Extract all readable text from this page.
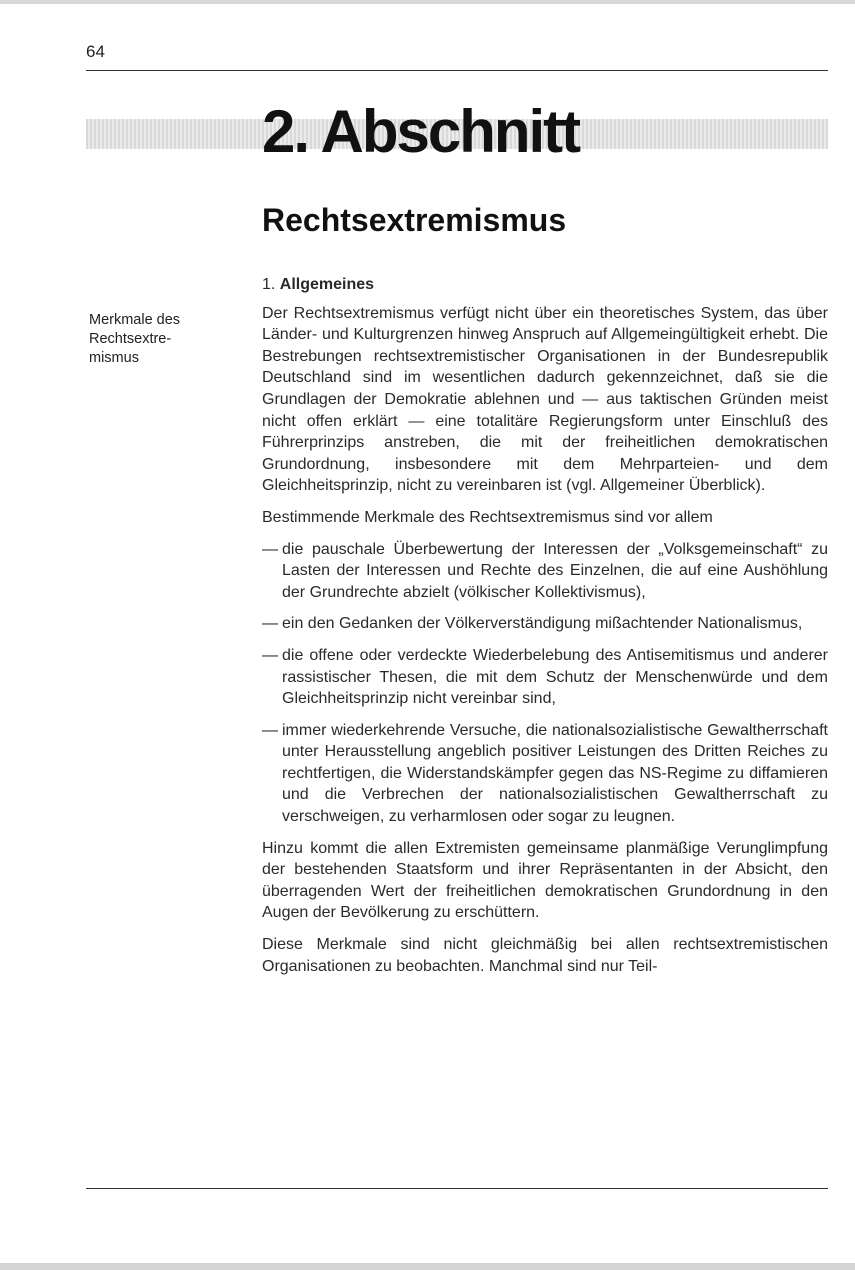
64
2. Abschnitt
Rechtsextremismus
Merkmale des Rechtsextre-mismus
1. Allgemeines

Der Rechtsextremismus verfügt nicht über ein theoretisches System, das über Länder- und Kulturgrenzen hinweg Anspruch auf Allgemeingültigkeit erhebt. Die Bestrebungen rechtsextremistischer Organisationen in der Bundesrepublik Deutschland sind im wesentlichen dadurch gekennzeichnet, daß sie die Grundlagen der Demokratie ablehnen und — aus taktischen Gründen meist nicht offen erklärt — eine totalitäre Regierungsform unter Einschluß des Führerprinzips anstreben, die mit der freiheitlichen demokratischen Grundordnung, insbesondere mit dem Mehrparteien- und dem Gleichheitsprinzip, nicht zu vereinbaren ist (vgl. Allgemeiner Überblick).

Bestimmende Merkmale des Rechtsextremismus sind vor allem

— die pauschale Überbewertung der Interessen der „Volksgemeinschaft“ zu Lasten der Interessen und Rechte des Einzelnen, die auf eine Aushöhlung der Grundrechte abzielt (völkischer Kollektivismus),
— ein den Gedanken der Völkerverständigung mißachtender Nationalismus,
— die offene oder verdeckte Wiederbelebung des Antisemitismus und anderer rassistischer Thesen, die mit dem Schutz der Menschenwürde und dem Gleichheitsprinzip nicht vereinbar sind,
— immer wiederkehrende Versuche, die nationalsozialistische Gewaltherrschaft unter Herausstellung angeblich positiver Leistungen des Dritten Reiches zu rechtfertigen, die Widerstandskämpfer gegen das NS-Regime zu diffamieren und die Verbrechen der nationalsozialistischen Gewaltherrschaft zu verschweigen, zu verharmlosen oder sogar zu leugnen.

Hinzu kommt die allen Extremisten gemeinsame planmäßige Verunglimpfung der bestehenden Staatsform und ihrer Repräsentanten in der Absicht, den überragenden Wert der freiheitlichen demokratischen Grundordnung in den Augen der Bevölkerung zu erschüttern.

Diese Merkmale sind nicht gleichmäßig bei allen rechtsextremistischen Organisationen zu beobachten. Manchmal sind nur Teil-
